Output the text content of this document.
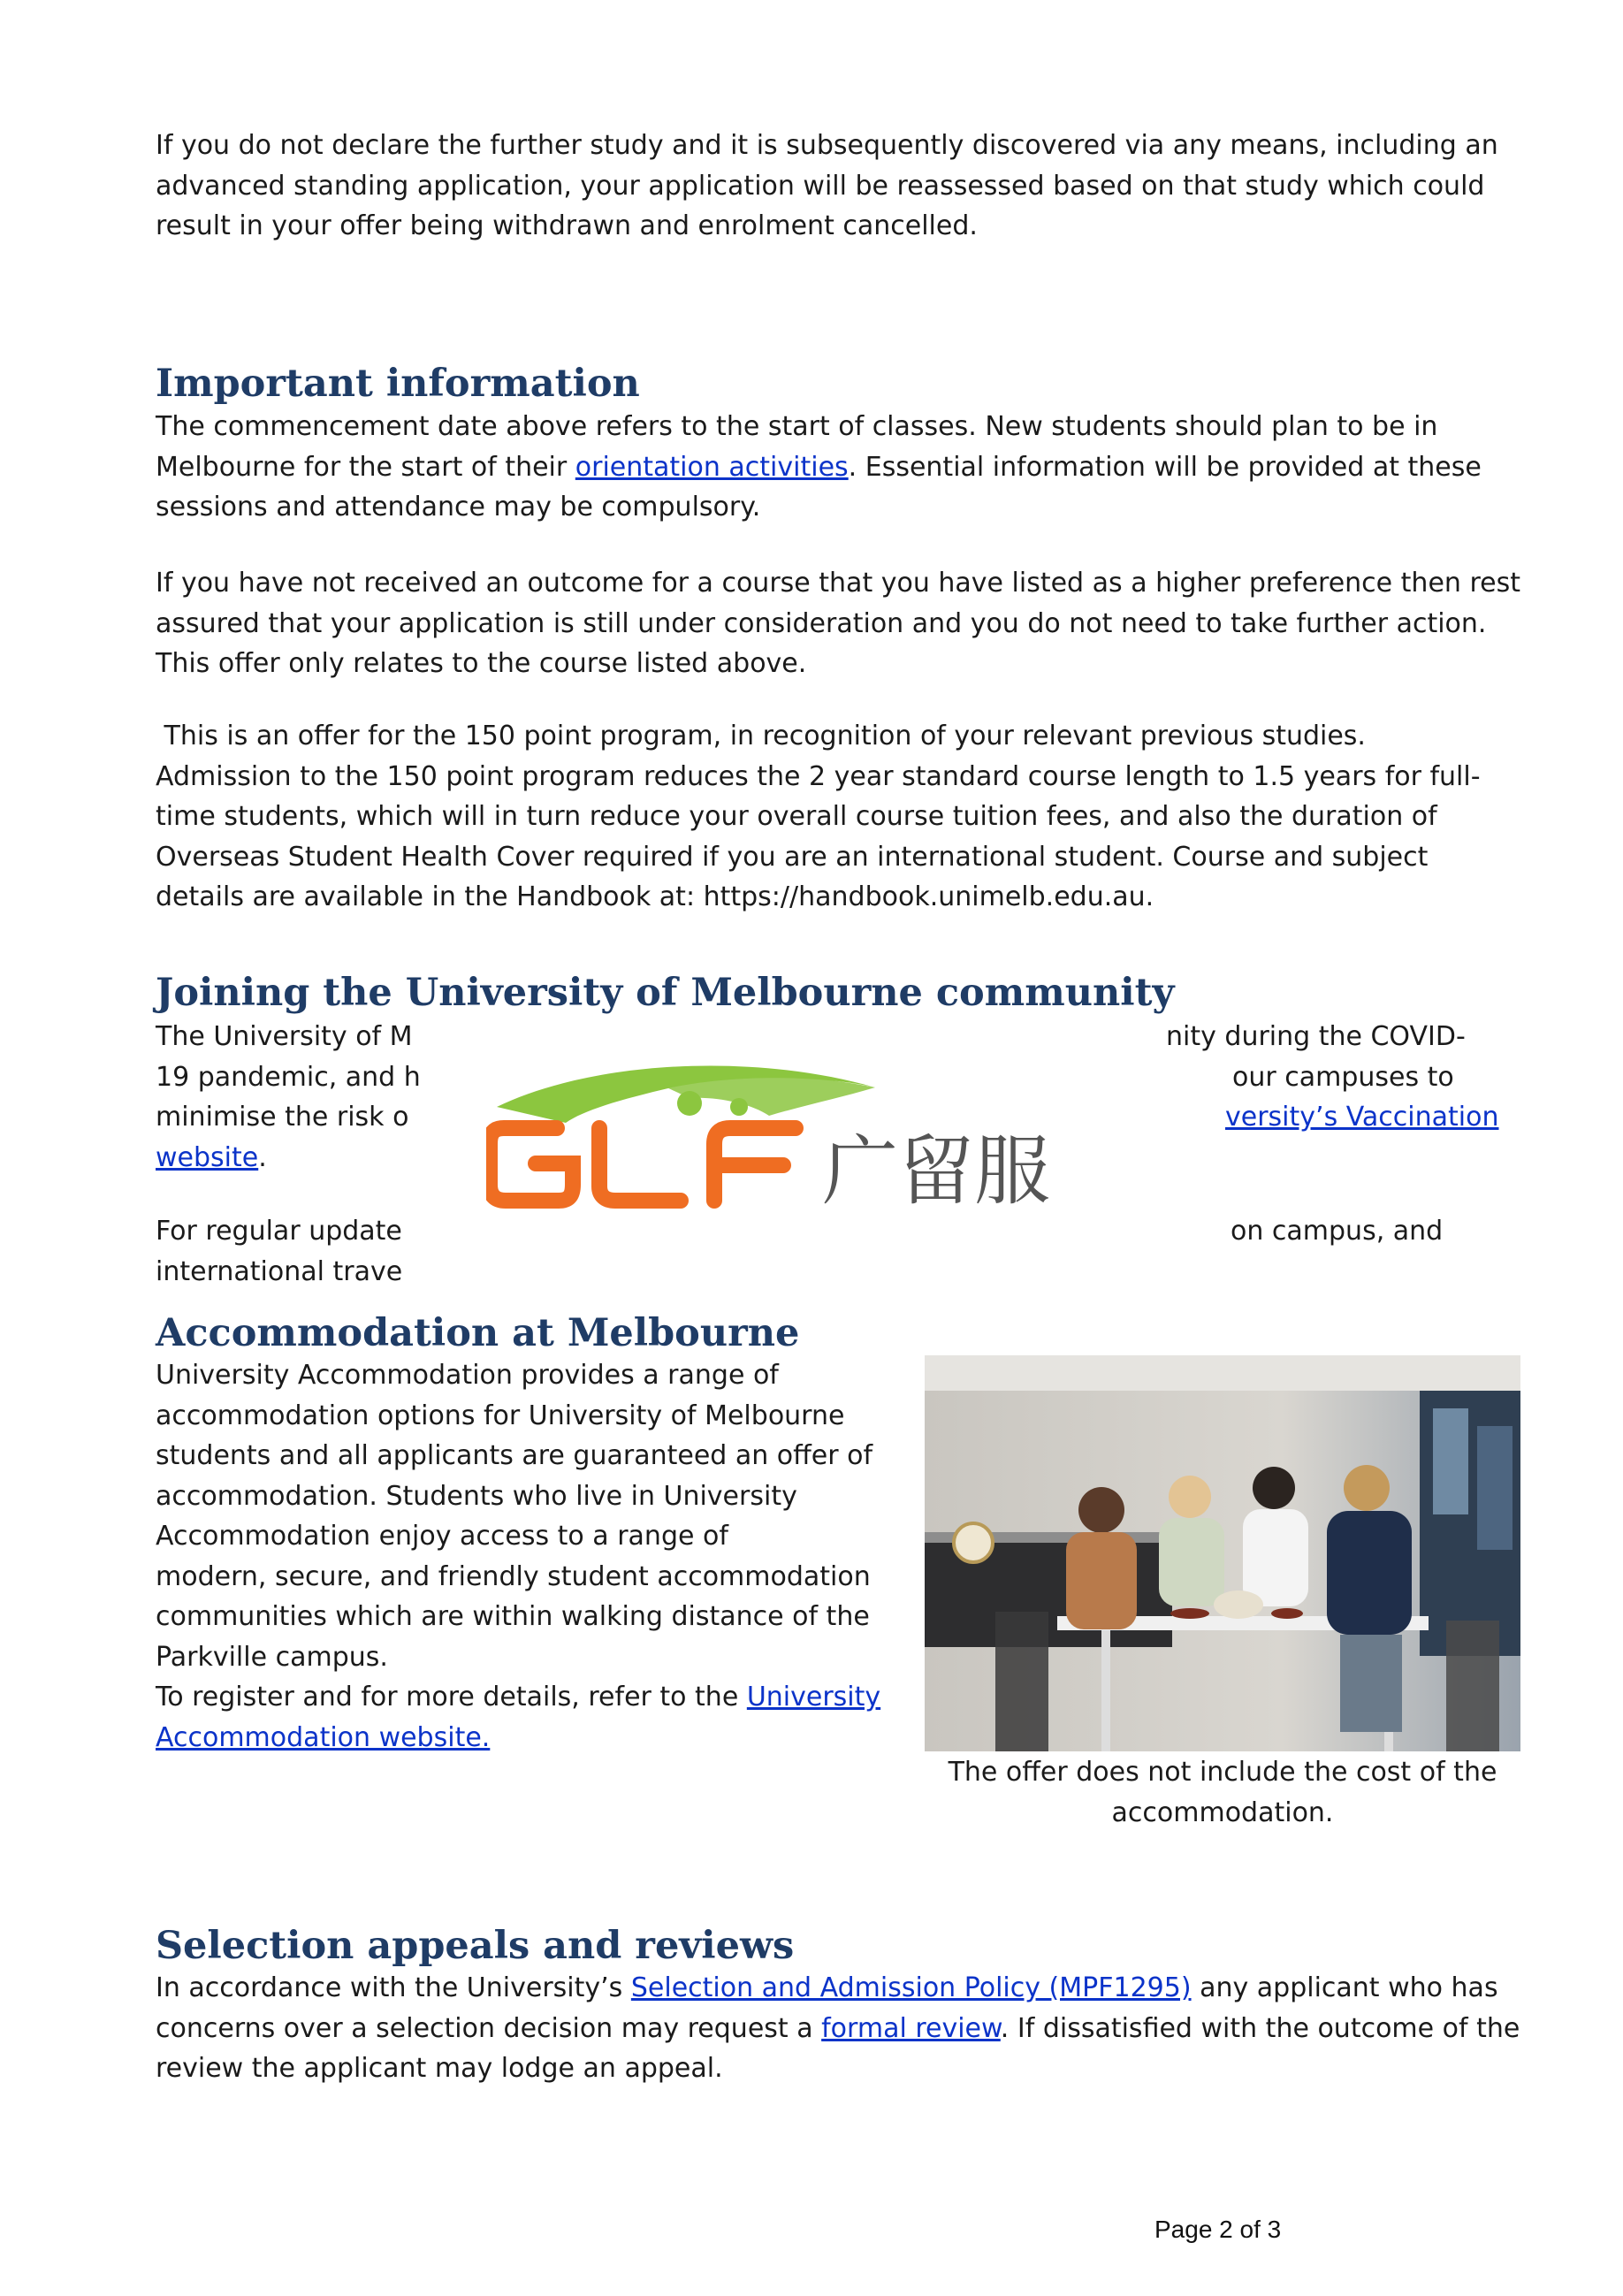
If you do not declare the further study and it is subsequently discovered via any means, including an
advanced standing application, your application will be reassessed based on that study which could
result in your offer being withdrawn and enrolment cancelled.
Important information
The commencement date above refers to the start of classes. New students should plan to be in
Melbourne for the start of their orientation activities. Essential information will be provided at these
sessions and attendance may be compulsory.
If you have not received an outcome for a course that you have listed as a higher preference then rest
assured that your application is still under consideration and you do not need to take further action.
This offer only relates to the course listed above.
This is an offer for the 150 point program, in recognition of your relevant previous studies.
Admission to the 150 point program reduces the 2 year standard course length to 1.5 years for full-
time students, which will in turn reduce your overall course tuition fees, and also the duration of
Overseas Student Health Cover required if you are an international student. Course and subject
details are available in the Handbook at: https://handbook.unimelb.edu.au.
Joining the University of Melbourne community
The University of M	nity during the COVID-
19 pandemic, and h	our campuses to
minimise the risk o	versity’s Vaccination
website.
For regular update	on campus, and
international trave
广留服
Accommodation at Melbourne
University Accommodation provides a range of
accommodation options for University of Melbourne
students and all applicants are guaranteed an offer of
accommodation. Students who live in University
Accommodation enjoy access to a range of
modern, secure, and friendly student accommodation
communities which are within walking distance of the
Parkville campus.
To register and for more details, refer to the University
Accommodation website.
The offer does not include the cost of the
accommodation.
Selection appeals and reviews
In accordance with the University’s Selection and Admission Policy (MPF1295) any applicant who has
concerns over a selection decision may request a formal review. If dissatisfied with the outcome of the
review the applicant may lodge an appeal.
Page 2 of 3
